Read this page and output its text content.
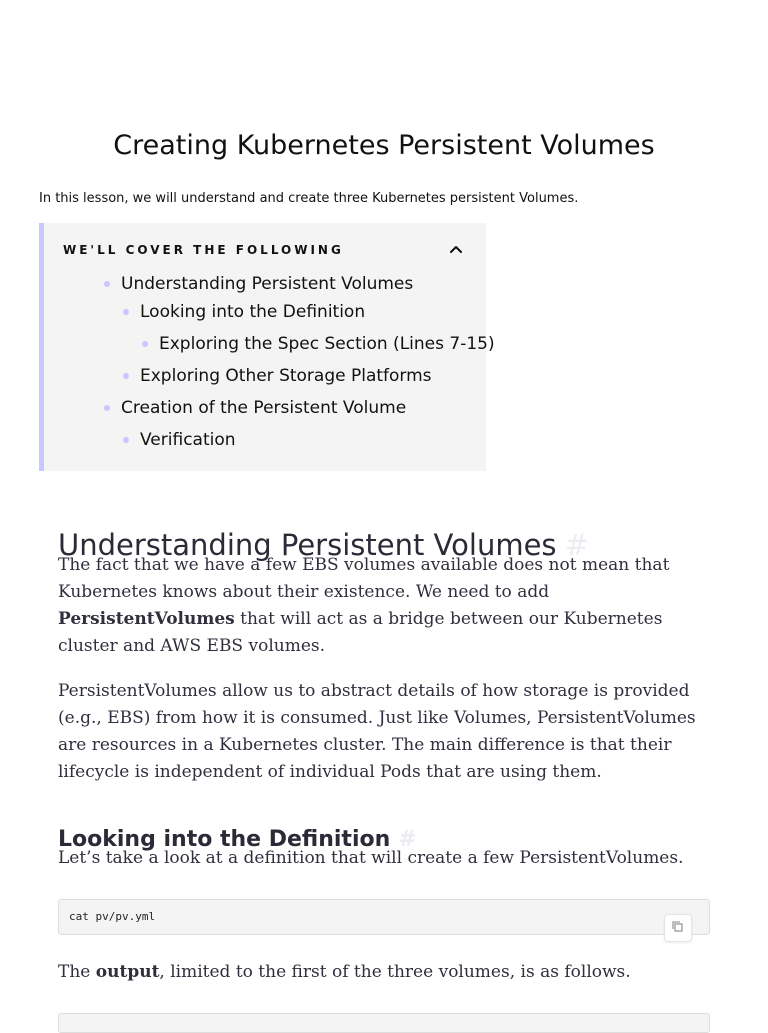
Creating Kubernetes Persistent Volumes
In this lesson, we will understand and create three Kubernetes persistent Volumes.
WE'LL COVER THE FOLLOWING
Understanding Persistent Volumes
Looking into the Definition
Exploring the Spec Section (Lines 7-15)
Exploring Other Storage Platforms
Creation of the Persistent Volume
Verification
Understanding Persistent Volumes #

The fact that we have a few EBS volumes available does not mean that Kubernetes knows about their existence. We need to add PersistentVolumes that will act as a bridge between our Kubernetes cluster and AWS EBS volumes.

PersistentVolumes allow us to abstract details of how storage is provided (e.g., EBS) from how it is consumed. Just like Volumes, PersistentVolumes are resources in a Kubernetes cluster. The main difference is that their lifecycle is independent of individual Pods that are using them.

Looking into the Definition #

Let’s take a look at a definition that will create a few PersistentVolumes.

cat pv/pv.yml

The output, limited to the first of the three volumes, is as follows.
